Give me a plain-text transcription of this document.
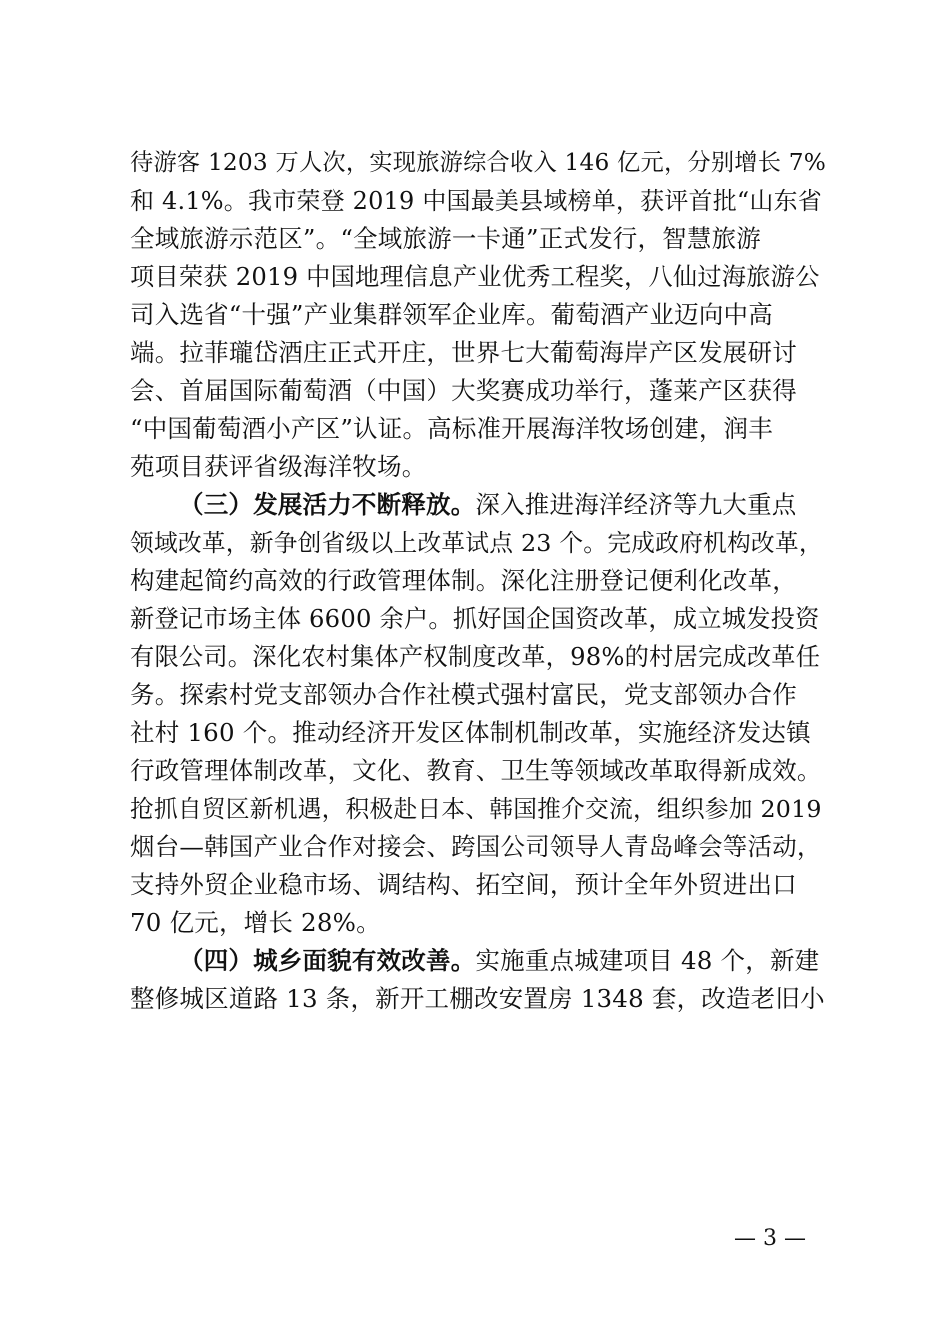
待游客 1203 万人次，实现旅游综合收入 146 亿元，分别增长 7%
和 4.1%。我市荣登 2019 中国最美县域榜单，获评首批“山东省
全域旅游示范区”。“全域旅游一卡通”正式发行，智慧旅游
项目荣获 2019 中国地理信息产业优秀工程奖，八仙过海旅游公
司入选省“十强”产业集群领军企业库。葡萄酒产业迈向中高
端。拉菲瓏岱酒庄正式开庄，世界七大葡萄海岸产区发展研讨
会、首届国际葡萄酒（中国）大奖赛成功举行，蓬莱产区获得
“中国葡萄酒小产区”认证。高标准开展海洋牧场创建，润丰
苑项目获评省级海洋牧场。
（三）发展活力不断释放。深入推进海洋经济等九大重点
领域改革，新争创省级以上改革试点 23 个。完成政府机构改革，
构建起简约高效的行政管理体制。深化注册登记便利化改革，
新登记市场主体 6600 余户。抓好国企国资改革，成立城发投资
有限公司。深化农村集体产权制度改革，98%的村居完成改革任
务。探索村党支部领办合作社模式强村富民，党支部领办合作
社村 160 个。推动经济开发区体制机制改革，实施经济发达镇
行政管理体制改革，文化、教育、卫生等领域改革取得新成效。
抢抓自贸区新机遇，积极赴日本、韩国推介交流，组织参加 2019
烟台—韩国产业合作对接会、跨国公司领导人青岛峰会等活动，
支持外贸企业稳市场、调结构、拓空间，预计全年外贸进出口
70 亿元，增长 28%。
（四）城乡面貌有效改善。实施重点城建项目 48 个，新建
整修城区道路 13 条，新开工棚改安置房 1348 套，改造老旧小
— 3 —
